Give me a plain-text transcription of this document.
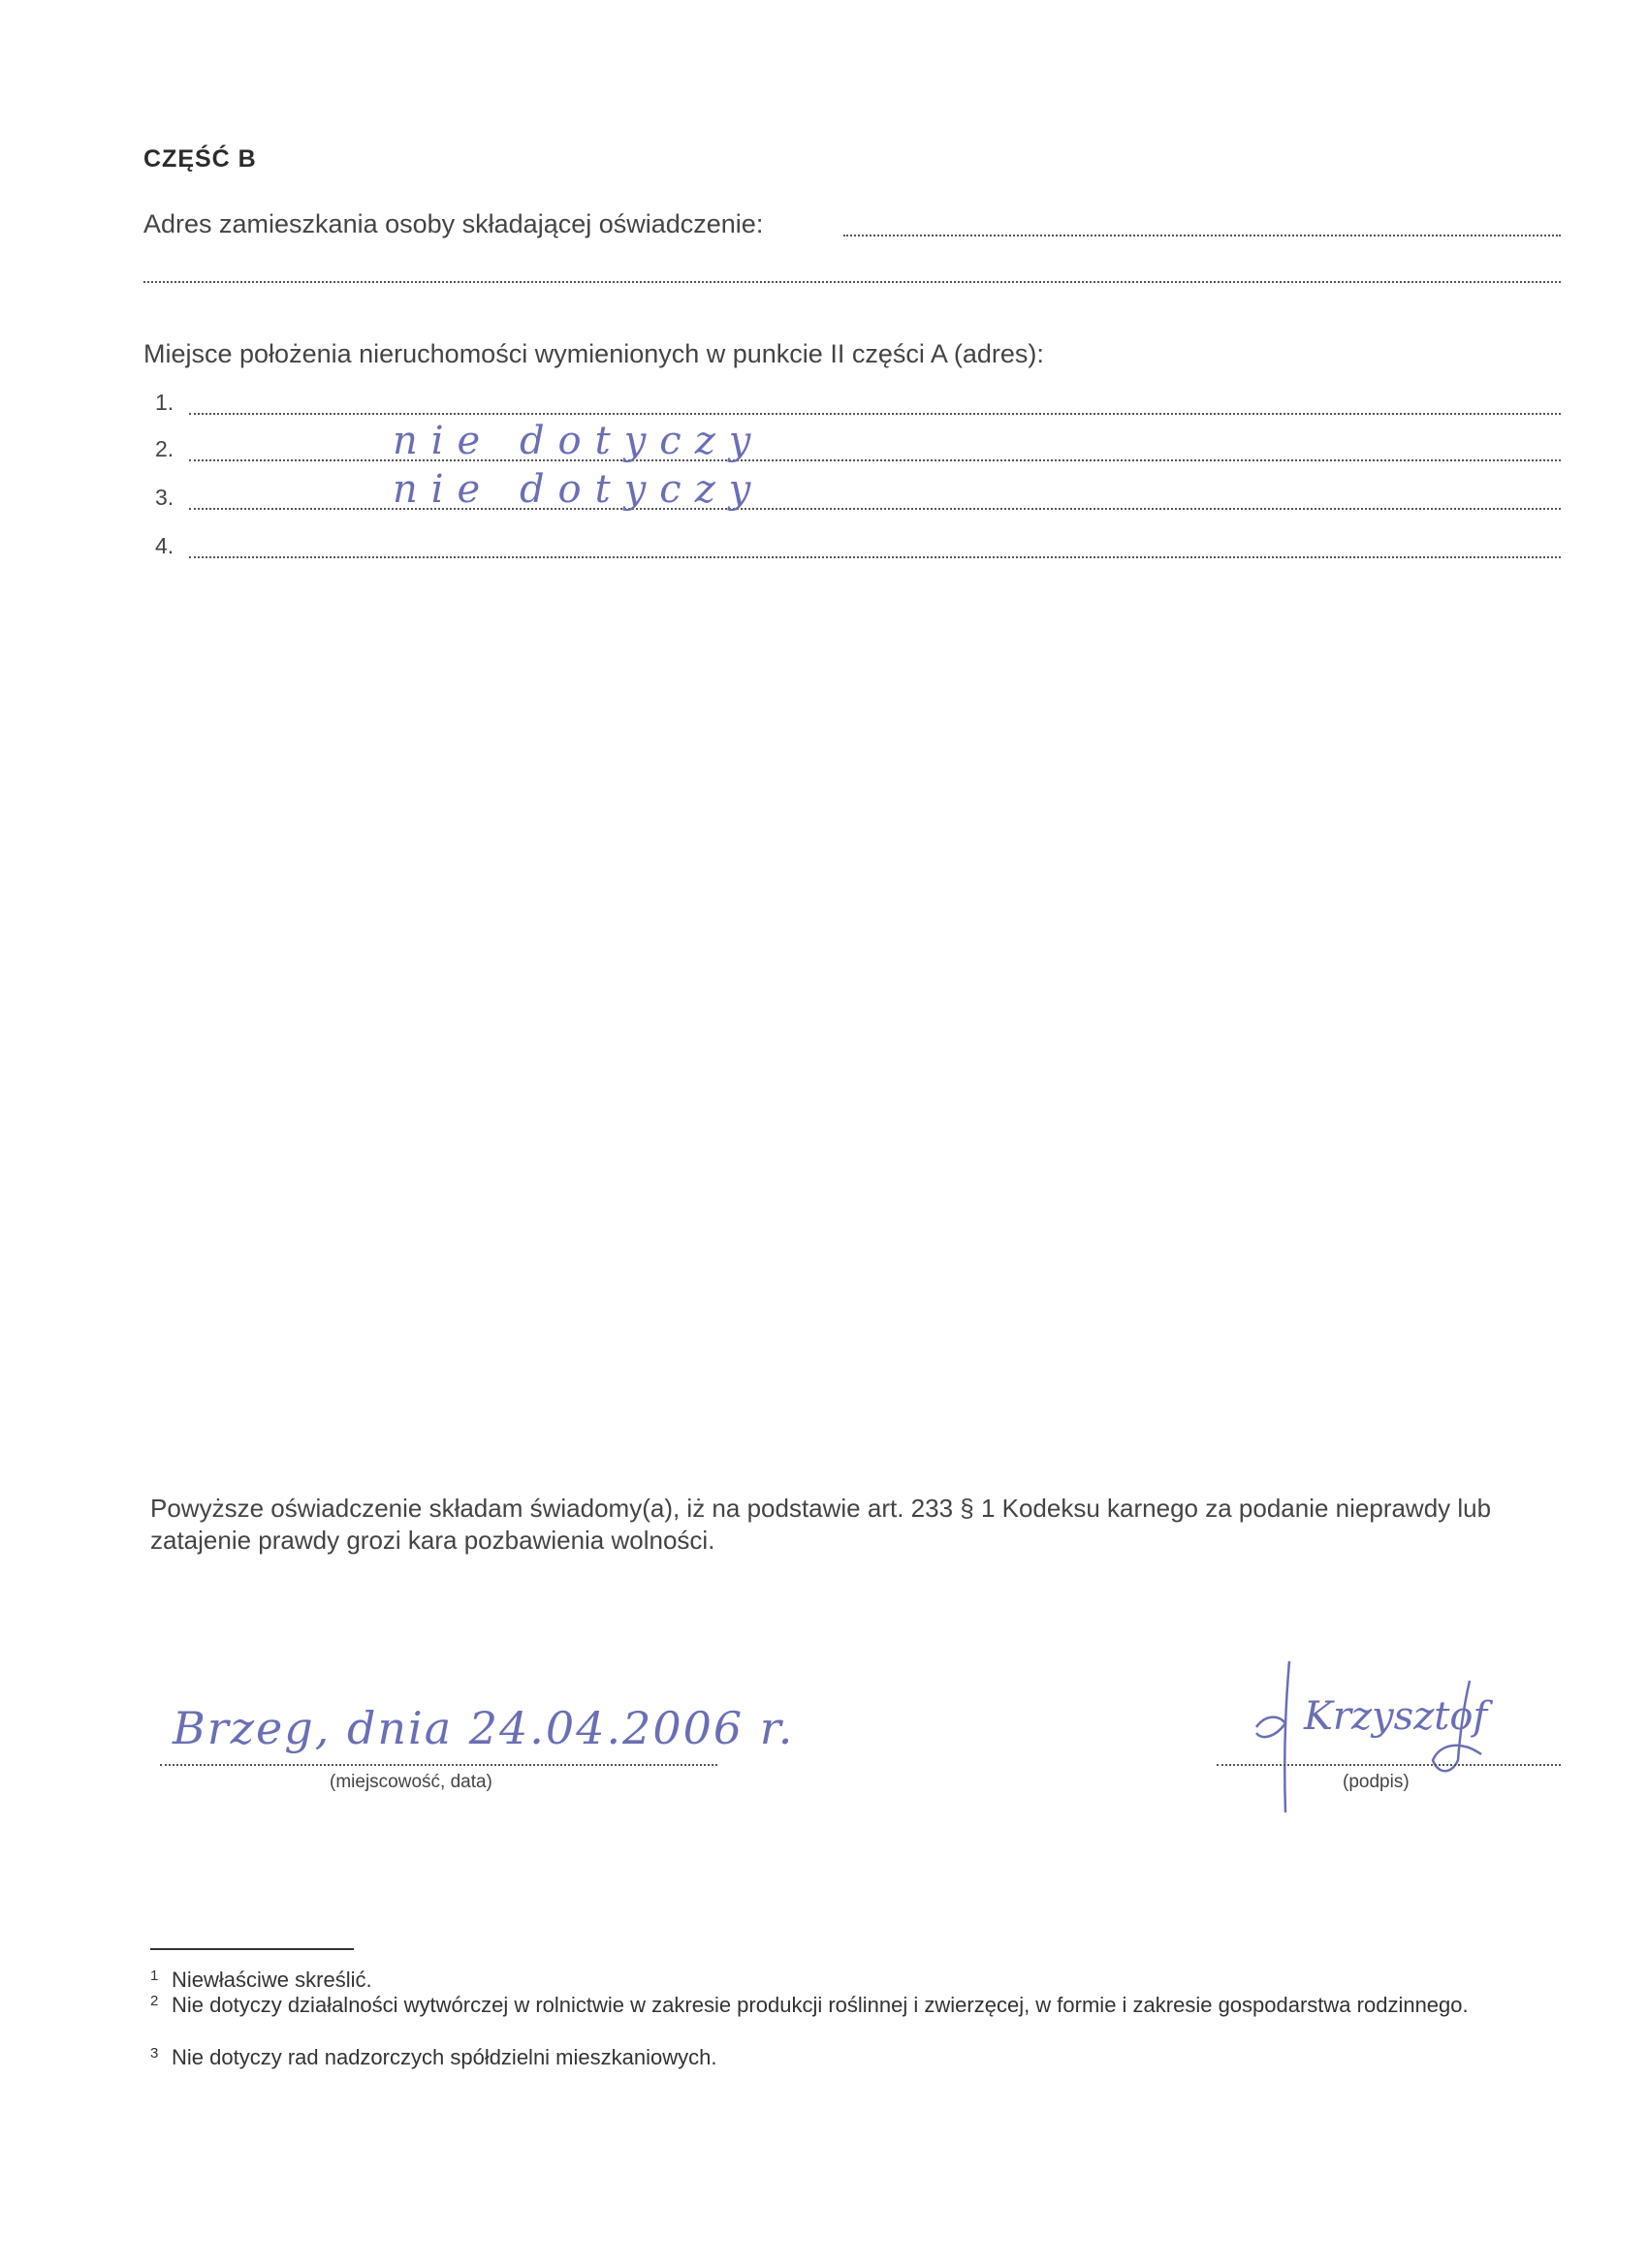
CZĘŚĆ B
Adres zamieszkania osoby składającej oświadczenie:
Miejsce położenia nieruchomości wymienionych w punkcie II części A (adres):
1.
2.	nie dotyczy
3.	nie dotyczy
4.
Powyższe oświadczenie składam świadomy(a), iż na podstawie art. 233 § 1 Kodeksu karnego za podanie nieprawdy lub zatajenie prawdy grozi kara pozbawienia wolności.
Brzeg, dnia 24.04.2006 r.
(miejscowość, data)
Krzysztof
(podpis)
$^1$ Niewłaściwe skreślić.
2 Nie dotyczy działalności wytwórczej w rolnictwie w zakresie produkcji roślinnej i zwierzęcej, w formie i zakresie gospodarstwa rodzinnego.
$^3$ Nie dotyczy rad nadzorczych spółdzielni mieszkaniowych.
